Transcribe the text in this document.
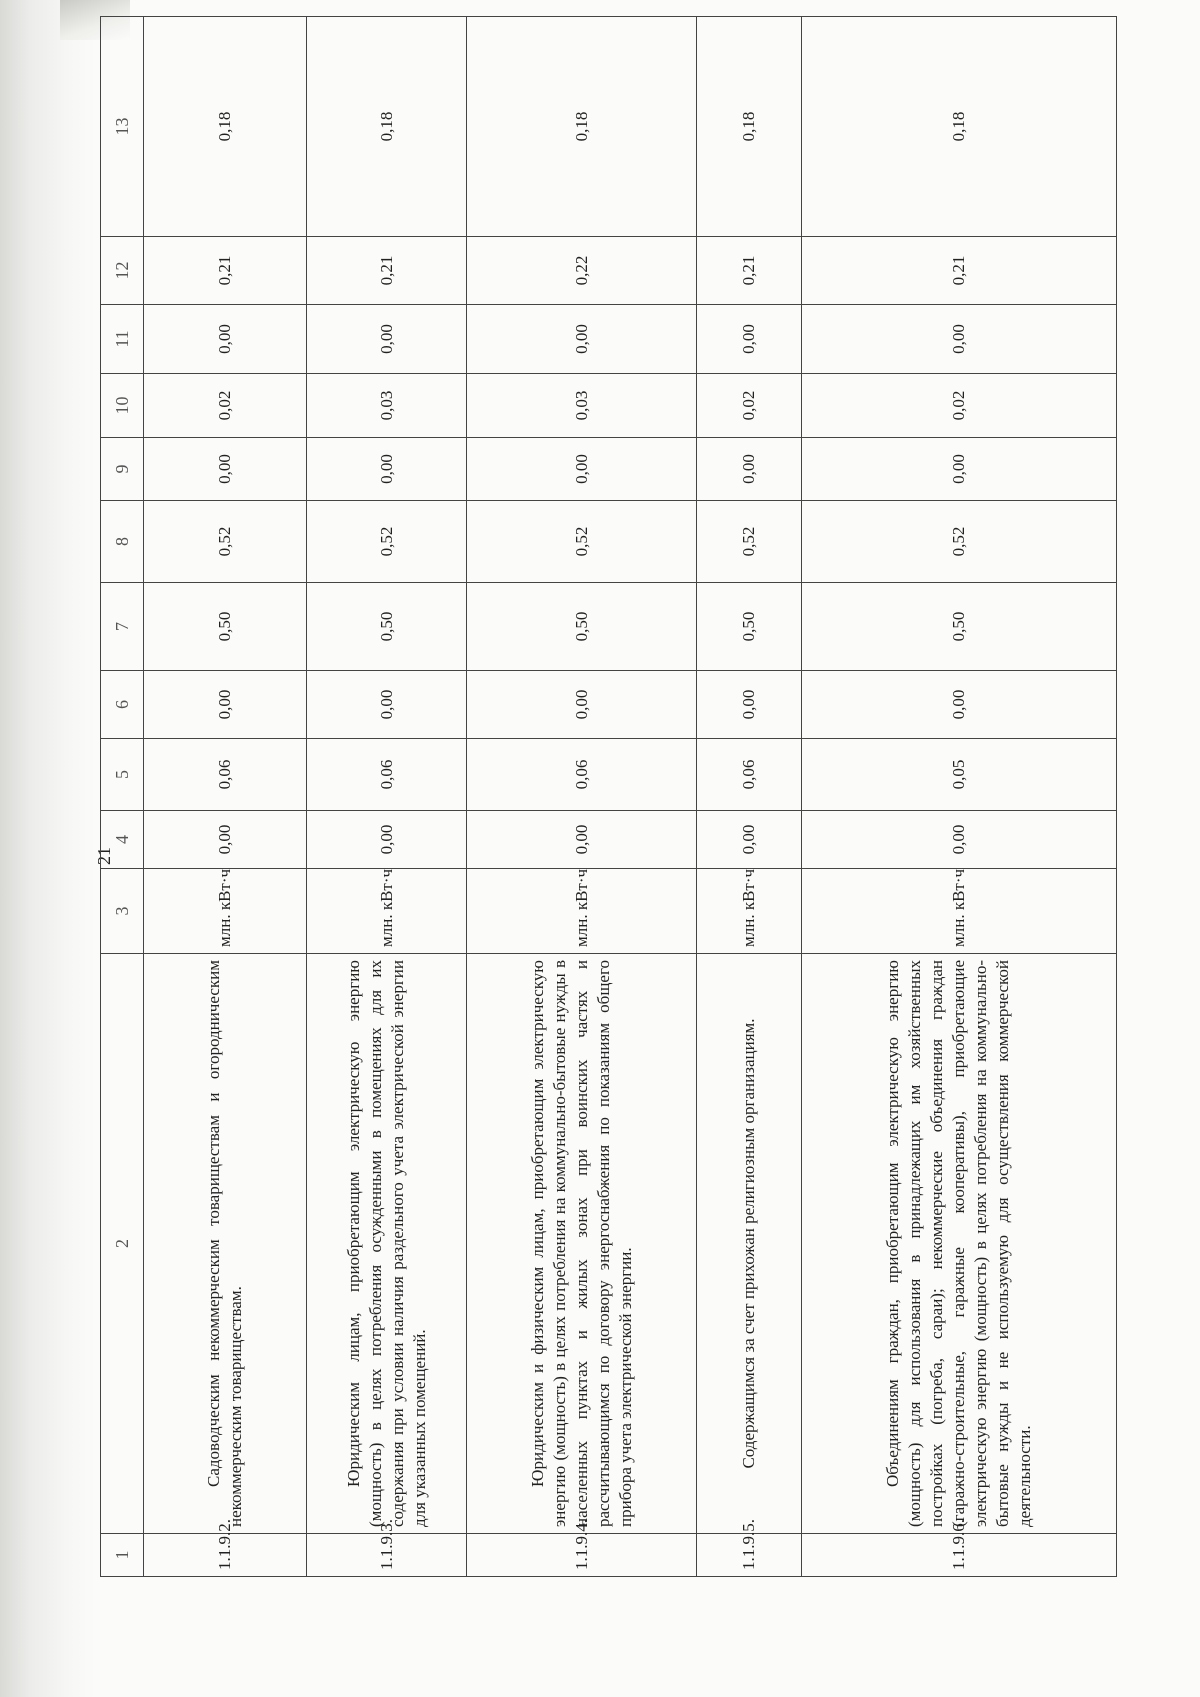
21
1	2	3	4	5	6	7	8	9	10	11	12	13
1.1.9.2.	Садоводческим некоммерческим товариществам и огородническим некоммерческим товариществам.	млн. кВт·ч	0,00	0,06	0,00	0,50	0,52	0,00	0,02	0,00	0,21	0,18
1.1.9.3.	Юридическим лицам, приобретающим электрическую энергию (мощность) в целях потребления осужденными в помещениях для их содержания при условии наличия раздельного учета электрической энергии для указанных помещений.	млн. кВт·ч	0,00	0,06	0,00	0,50	0,52	0,00	0,03	0,00	0,21	0,18
1.1.9.4.	Юридическим и физическим лицам, приобретающим электрическую энергию (мощность) в целях потребления на коммунально-бытовые нужды в населенных пунктах и жилых зонах при воинских частях и рассчитывающимся по договору энергоснабжения по показаниям общего прибора учета электрической энергии.	млн. кВт·ч	0,00	0,06	0,00	0,50	0,52	0,00	0,03	0,00	0,22	0,18
1.1.9.5.	Содержащимся за счет прихожан религиозным организациям.	млн. кВт·ч	0,00	0,06	0,00	0,50	0,52	0,00	0,02	0,00	0,21	0,18
1.1.9.6.	Объединениям граждан, приобретающим электрическую энергию (мощность) для использования в принадлежащих им хозяйственных постройках (погреба, сараи); некоммерческие объединения граждан (гаражно-строительные, гаражные кооперативы), приобретающие электрическую энергию (мощность) в целях потребления на коммунально-бытовые нужды и не используемую для осуществления коммерческой деятельности.	млн. кВт·ч	0,00	0,05	0,00	0,50	0,52	0,00	0,02	0,00	0,21	0,18
